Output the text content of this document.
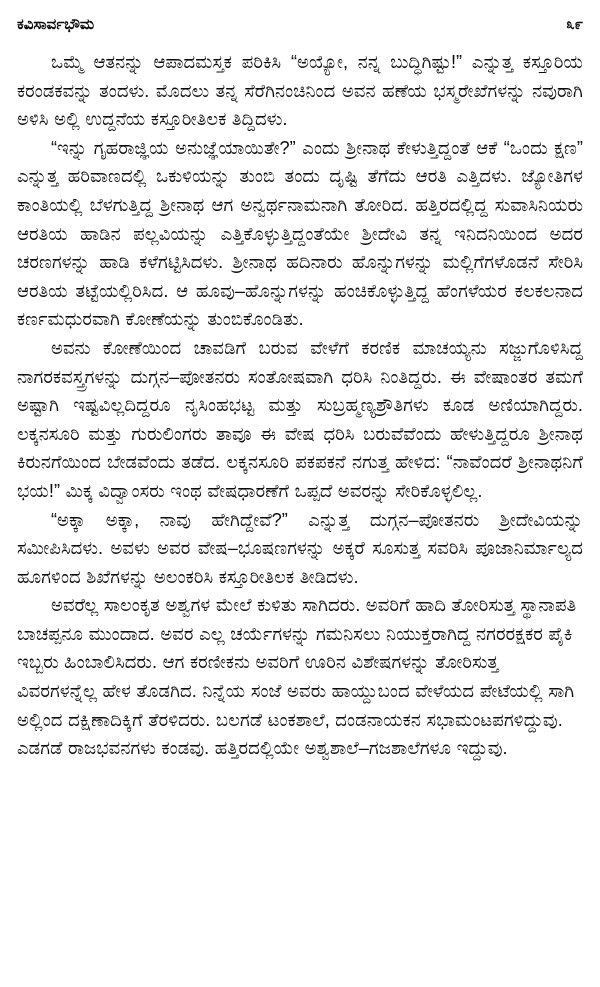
ಕವಿಸಾರ್ವಭೌಮ	೩೯

ಒಮ್ಮೆ ಆತನನ್ನು ಆಪಾದಮಸ್ತಕ ಪರಿಕಿಸಿ “ಅಯ್ಯೋ, ನನ್ನ ಬುದ್ಧಿಗಿಷ್ಟು!” ಎನ್ನುತ್ತ ಕಸ್ತೂರಿಯ ಕರಂಡಕವನ್ನು ತಂದಳು. ಮೊದಲು ತನ್ನ ಸೆರೆಗಿನಂಚಿನಿಂದ ಅವನ ಹಣೆಯ ಭಸ್ಮರೇಖೆಗಳನ್ನು ನವುರಾಗಿ ಅಳಿಸಿ ಅಲ್ಲಿ ಉದ್ದನೆಯ ಕಸ್ತೂರೀತಿಲಕ ತಿದ್ದಿದಳು.

“ಇನ್ನು ಗೃಹರಾಜ್ಞಿಯ ಅನುಜ್ಞೆಯಾಯಿತೇ?” ಎಂದು ಶ್ರೀನಾಥ ಕೇಳುತ್ತಿದ್ದಂತೆ ಆಕೆ “ಒಂದು ಕ್ಷಣ” ಎನ್ನುತ್ತ ಹರಿವಾಣದಲ್ಲಿ ಒಕುಳಿಯನ್ನು ತುಂಬಿ ತಂದು ದೃಷ್ಟಿ ತೆಗೆದು ಆರತಿ ಎತ್ತಿದಳು. ಜ್ಯೋತಿಗಳ ಕಾಂತಿಯಲ್ಲಿ ಬೆಳಗುತ್ತಿದ್ದ ಶ್ರೀನಾಥ ಆಗ ಅನ್ವರ್ಥನಾಮನಾಗಿ ತೋರಿದ. ಹತ್ತಿರದಲ್ಲಿದ್ದ ಸುವಾಸಿನಿಯರು ಆರತಿಯ ಹಾಡಿನ ಪಲ್ಲವಿಯನ್ನು ಎತ್ತಿಕೊಳ್ಳುತ್ತಿದ್ದಂತೆಯೇ ಶ್ರೀದೇವಿ ತನ್ನ ಇನಿದನಿಯಿಂದ ಅದರ ಚರಣಗಳನ್ನು ಹಾಡಿ ಕಳೆಗಟ್ಟಿಸಿದಳು. ಶ್ರೀನಾಥ ಹದಿನಾರು ಹೊನ್ನುಗಳನ್ನು ಮಲ್ಲಿಗೆಗಳೊಡನೆ ಸೇರಿಸಿ ಆರತಿಯ ತಟ್ಟೆಯಲ್ಲಿರಿಸಿದ. ಆ ಹೂವು–ಹೊನ್ನುಗಳನ್ನು ಹಂಚಿಕೊಳ್ಳುತ್ತಿದ್ದ ಹೆಂಗಳೆಯರ ಕಲಕಲನಾದ ಕರ್ಣಮಧುರವಾಗಿ ಕೋಣೆಯನ್ನು ತುಂಬಿಕೊಂಡಿತು.

ಅವನು ಕೋಣೆಯಿಂದ ಚಾವಡಿಗೆ ಬರುವ ವೇಳೆಗೆ ಕರಣಿಕ ಮಾಚಯ್ಯನು ಸಜ್ಜುಗೊಳಿಸಿದ್ದ ನಾಗರಕವಸ್ತ್ರಗಳನ್ನು ದುಗ್ಗನ–ಪೋತನರು ಸಂತೋಷವಾಗಿ ಧರಿಸಿ ನಿಂತಿದ್ದರು. ಈ ವೇಷಾಂತರ ತಮಗೆ ಅಷ್ಟಾಗಿ ಇಷ್ಟವಿಲ್ಲದಿದ್ದರೂ ನೃಸಿಂಹಭಟ್ಟ ಮತ್ತು ಸುಬ್ರಹ್ಮಣ್ಯಶ್ರೌತಿಗಳು ಕೂಡ ಅಣಿಯಾಗಿದ್ದರು. ಲಕ್ಕನಸೂರಿ ಮತ್ತು ಗುರುಲಿಂಗರು ತಾವೂ ಈ ವೇಷ ಧರಿಸಿ ಬರುವೆವೆಂದು ಹೇಳುತ್ತಿದ್ದರೂ ಶ್ರೀನಾಥ ಕಿರುನಗೆಯಿಂದ ಬೇಡವೆಂದು ತಡೆದ. ಲಕ್ಕನಸೂರಿ ಪಕಪಕನೆ ನಗುತ್ತ ಹೇಳಿದ: “ನಾವೆಂದರೆ ಶ್ರೀನಾಥನಿಗೆ ಭಯ!” ಮಿಕ್ಕ ವಿದ್ವಾಂಸರು ಇಂಥ ವೇಷಧಾರಣೆಗೆ ಒಪ್ಪದೆ ಅವರನ್ನು ಸೇರಿಕೊಳ್ಳಲಿಲ್ಲ.

“ಅಕ್ಕಾ ಅಕ್ಕಾ, ನಾವು ಹೇಗಿದ್ದೇವೆ?” ಎನ್ನುತ್ತ ದುಗ್ಗನ–ಪೋತನರು ಶ್ರೀದೇವಿಯನ್ನು ಸಮೀಪಿಸಿದಳು. ಅವಳು ಅವರ ವೇಷ–ಭೂಷಣಗಳನ್ನು ಅಕ್ಕರೆ ಸೂಸುತ್ತ ಸವರಿಸಿ ಪೂಜಾನಿರ್ಮಾಲ್ಯದ ಹೂಗಳಿಂದ ಶಿಖೆಗಳನ್ನು ಅಲಂಕರಿಸಿ ಕಸ್ತೂರೀತಿಲಕ ತೀಡಿದಳು.

ಅವರೆಲ್ಲ ಸಾಲಂಕೃತ ಅಶ್ವಗಳ ಮೇಲೆ ಕುಳಿತು ಸಾಗಿದರು. ಅವರಿಗೆ ಹಾದಿ ತೋರಿಸುತ್ತ ಸ್ಥಾನಾಪತಿ ಬಾಚಪ್ಪನೂ ಮುಂದಾದ. ಅವರ ಎಲ್ಲ ಚರ್ಯೆಗಳನ್ನು ಗಮನಿಸಲು ನಿಯುಕ್ತರಾಗಿದ್ದ ನಗರರಕ್ಷಕರ ಪೈಕಿ ಇಬ್ಬರು ಹಿಂಬಾಲಿಸಿದರು. ಆಗ ಕರಣೀಕನು ಅವರಿಗೆ ಊರಿನ ವಿಶೇಷಗಳನ್ನು ತೋರಿಸುತ್ತ ವಿವರಗಳನ್ನೆಲ್ಲ ಹೇಳ ತೊಡಗಿದ. ನಿನ್ನೆಯ ಸಂಜೆ ಅವರು ಹಾಯ್ದುಬಂದ ವೇಳೆಯದ ಪೇಟೆಯಲ್ಲಿ ಸಾಗಿ ಅಲ್ಲಿಂದ ದಕ್ಷಿಣಾದಿಕ್ಕಿಗೆ ತೆರಳಿದರು. ಬಲಗಡೆ ಟಂಕಶಾಲೆ, ದಂಡನಾಯಕನ ಸಭಾಮಂಟಪಗಳಿದ್ದುವು. ಎಡಗಡೆ ರಾಜಭವನಗಳು ಕಂಡವು. ಹತ್ತಿರದಲ್ಲಿಯೇ ಅಶ್ವಶಾಲೆ–ಗಜಶಾಲೆಗಳೂ ಇದ್ದುವು.
